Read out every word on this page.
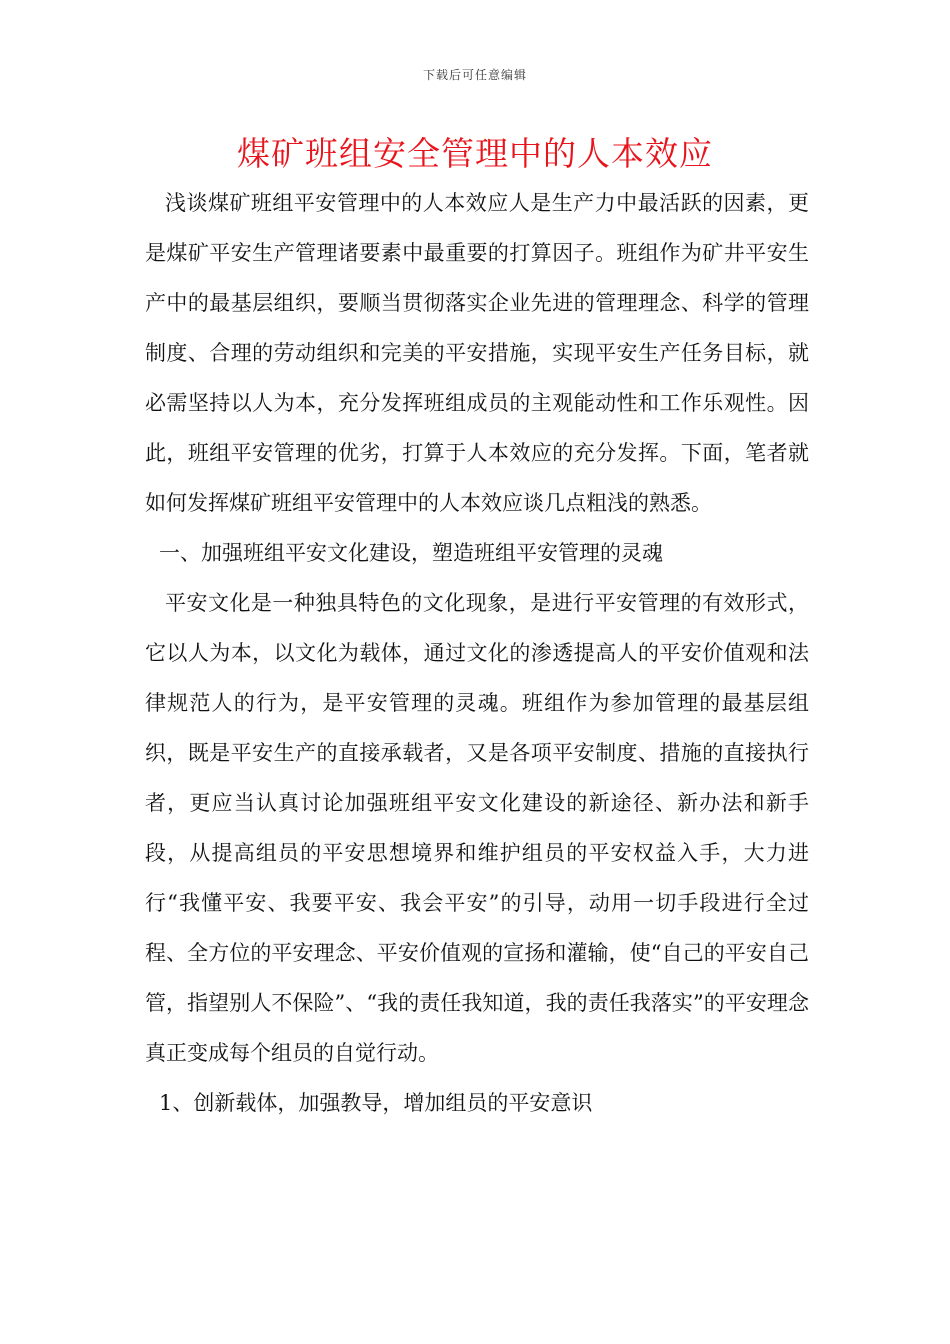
下载后可任意编辑
煤矿班组安全管理中的人本效应

浅谈煤矿班组平安管理中的人本效应人是生产力中最活跃的因素，更是煤矿平安生产管理诸要素中最重要的打算因子。班组作为矿井平安生产中的最基层组织，要顺当贯彻落实企业先进的管理理念、科学的管理制度、合理的劳动组织和完美的平安措施，实现平安生产任务目标，就必需坚持以人为本，充分发挥班组成员的主观能动性和工作乐观性。因此，班组平安管理的优劣，打算于人本效应的充分发挥。下面，笔者就如何发挥煤矿班组平安管理中的人本效应谈几点粗浅的熟悉。

一、加强班组平安文化建设，塑造班组平安管理的灵魂

平安文化是一种独具特色的文化现象，是进行平安管理的有效形式，它以人为本，以文化为载体，通过文化的渗透提高人的平安价值观和法律规范人的行为，是平安管理的灵魂。班组作为参加管理的最基层组织，既是平安生产的直接承载者，又是各项平安制度、措施的直接执行者，更应当认真讨论加强班组平安文化建设的新途径、新办法和新手段，从提高组员的平安思想境界和维护组员的平安权益入手，大力进行“我懂平安、我要平安、我会平安”的引导，动用一切手段进行全过程、全方位的平安理念、平安价值观的宣扬和灌输，使“自己的平安自己管，指望别人不保险”、“我的责任我知道，我的责任我落实”的平安理念真正变成每个组员的自觉行动。

1、创新载体，加强教导，增加组员的平安意识
